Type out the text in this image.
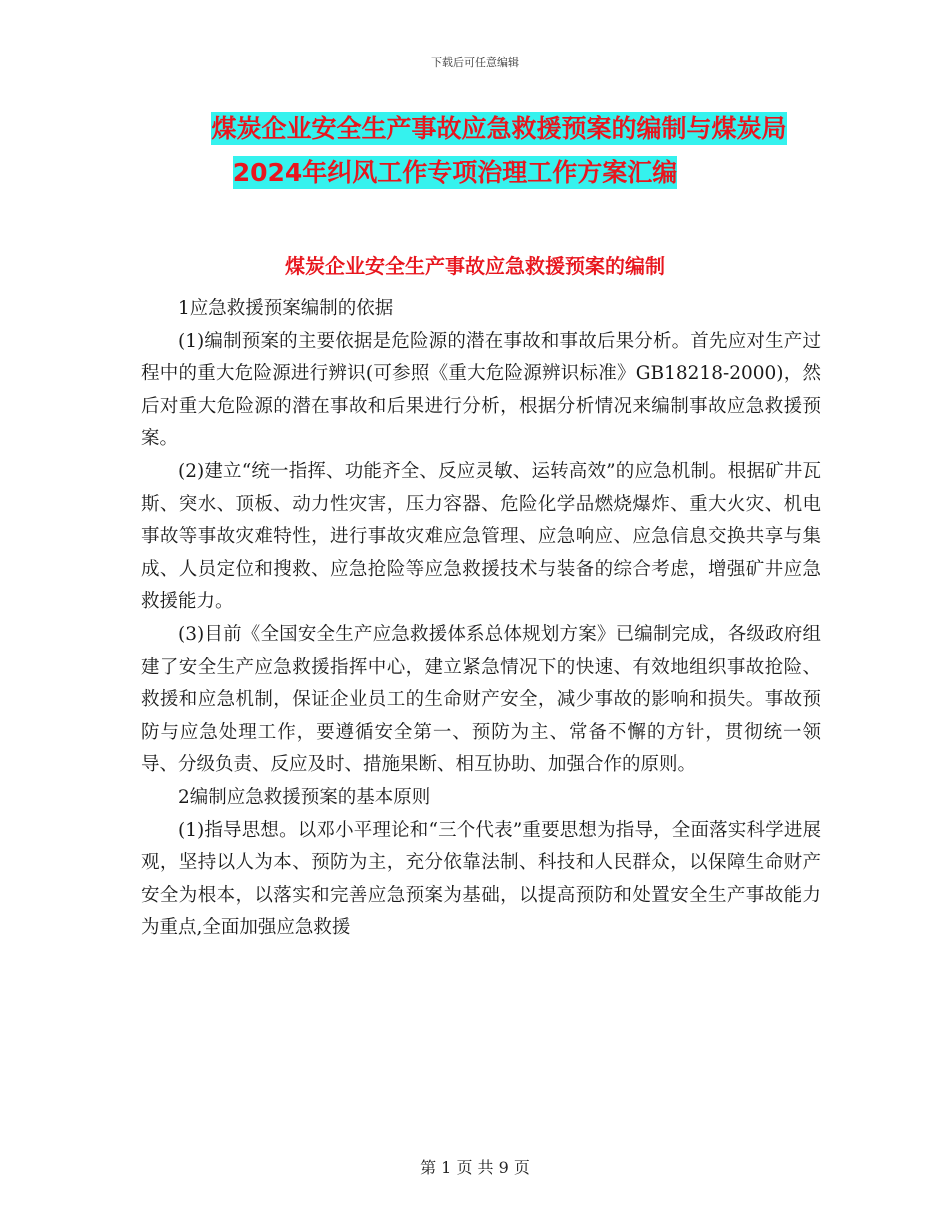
下载后可任意编辑
煤炭企业安全生产事故应急救援预案的编制与煤炭局
2024年纠风工作专项治理工作方案汇编
煤炭企业安全生产事故应急救援预案的编制

1应急救援预案编制的依据

(1)编制预案的主要依据是危险源的潜在事故和事故后果分析。首先应对生产过程中的重大危险源进行辨识(可参照《重大危险源辨识标准》GB18218-2000)，然后对重大危险源的潜在事故和后果进行分析，根据分析情况来编制事故应急救援预案。

(2)建立“统一指挥、功能齐全、反应灵敏、运转高效”的应急机制。根据矿井瓦斯、突水、顶板、动力性灾害，压力容器、危险化学品燃烧爆炸、重大火灾、机电事故等事故灾难特性，进行事故灾难应急管理、应急响应、应急信息交换共享与集成、人员定位和搜救、应急抢险等应急救援技术与装备的综合考虑，增强矿井应急救援能力。

(3)目前《全国安全生产应急救援体系总体规划方案》已编制完成，各级政府组建了安全生产应急救援指挥中心，建立紧急情况下的快速、有效地组织事故抢险、救援和应急机制，保证企业员工的生命财产安全，减少事故的影响和损失。事故预防与应急处理工作，要遵循安全第一、预防为主、常备不懈的方针，贯彻统一领导、分级负责、反应及时、措施果断、相互协助、加强合作的原则。

2编制应急救援预案的基本原则

(1)指导思想。以邓小平理论和“三个代表”重要思想为指导，全面落实科学进展观，坚持以人为本、预防为主，充分依靠法制、科技和人民群众，以保障生命财产安全为根本，以落实和完善应急预案为基础，以提高预防和处置安全生产事故能力为重点,全面加强应急救援

第 1 页 共 9 页
